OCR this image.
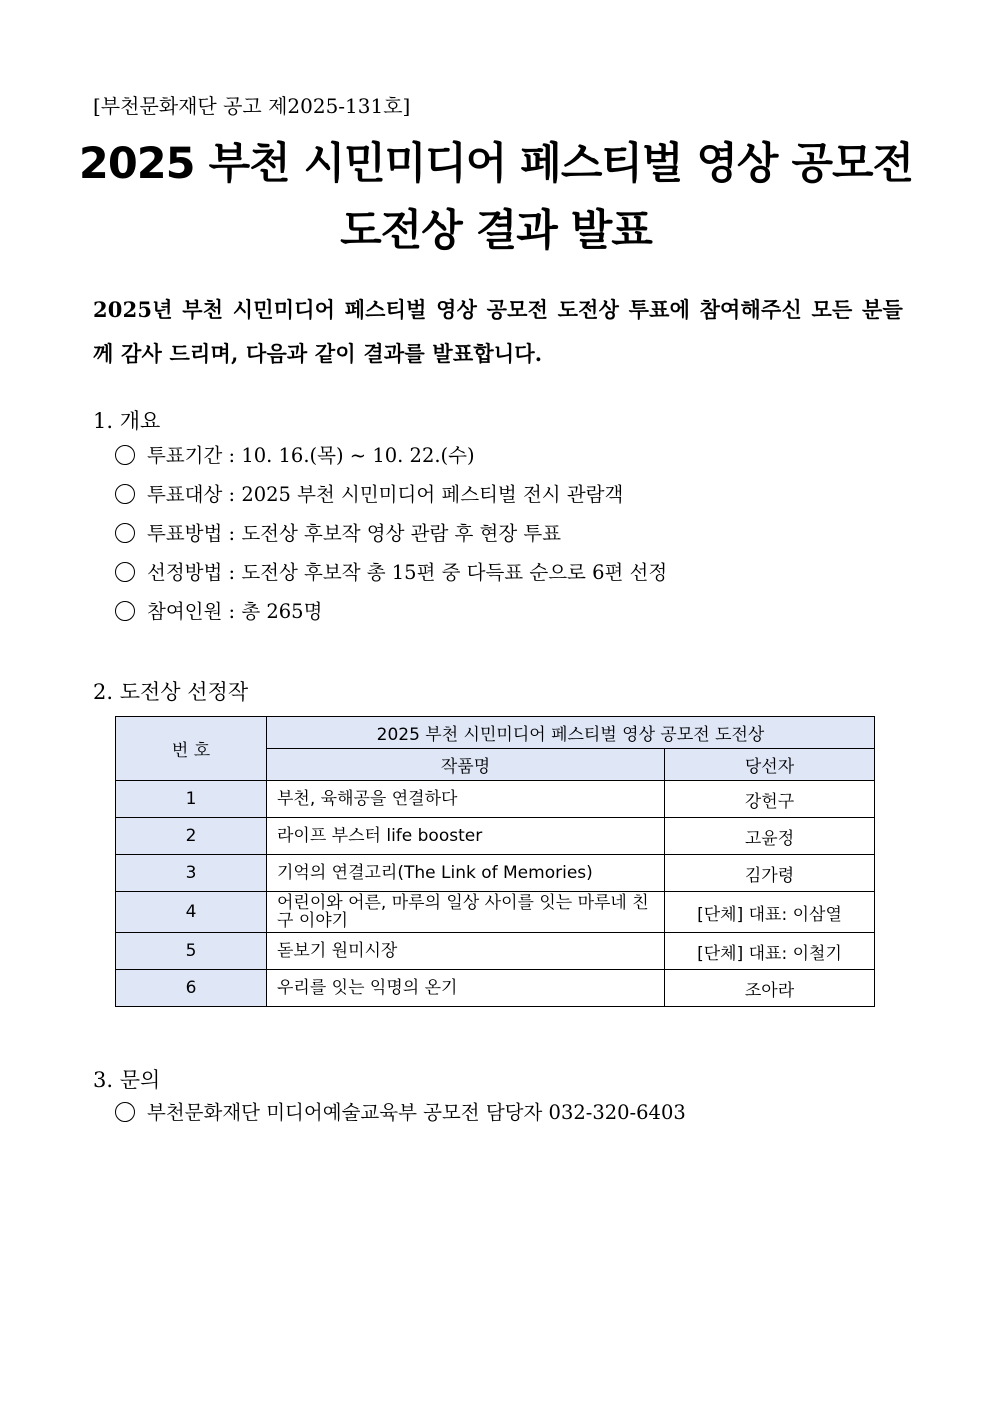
[부천문화재단 공고 제2025-131호]
2025 부천 시민미디어 페스티벌 영상 공모전
도전상 결과 발표
2025년 부천 시민미디어 페스티벌 영상 공모전 도전상 투표에 참여해주신 모든 분들께 감사 드리며, 다음과 같이 결과를 발표합니다.
1. 개요
투표기간 : 10. 16.(목) ~ 10. 22.(수)
투표대상 : 2025 부천 시민미디어 페스티벌 전시 관람객
투표방법 : 도전상 후보작 영상 관람 후 현장 투표
선정방법 : 도전상 후보작 총 15편 중 다득표 순으로 6편 선정
참여인원 : 총 265명
2. 도전상 선정작
번 호	2025 부천 시민미디어 페스티벌 영상 공모전 도전상	
	작품명	당선자
1	부천, 육해공을 연결하다	강헌구
2	라이프 부스터 life booster	고윤정
3	기억의 연결고리(The Link of Memories)	김가령
4	어린이와 어른, 마루의 일상 사이를 잇는 마루네 친구 이야기	[단체] 대표: 이삼열
5	돋보기 원미시장	[단체] 대표: 이철기
6	우리를 잇는 익명의 온기	조아라
3. 문의
부천문화재단 미디어예술교육부 공모전 담당자 032-320-6403
